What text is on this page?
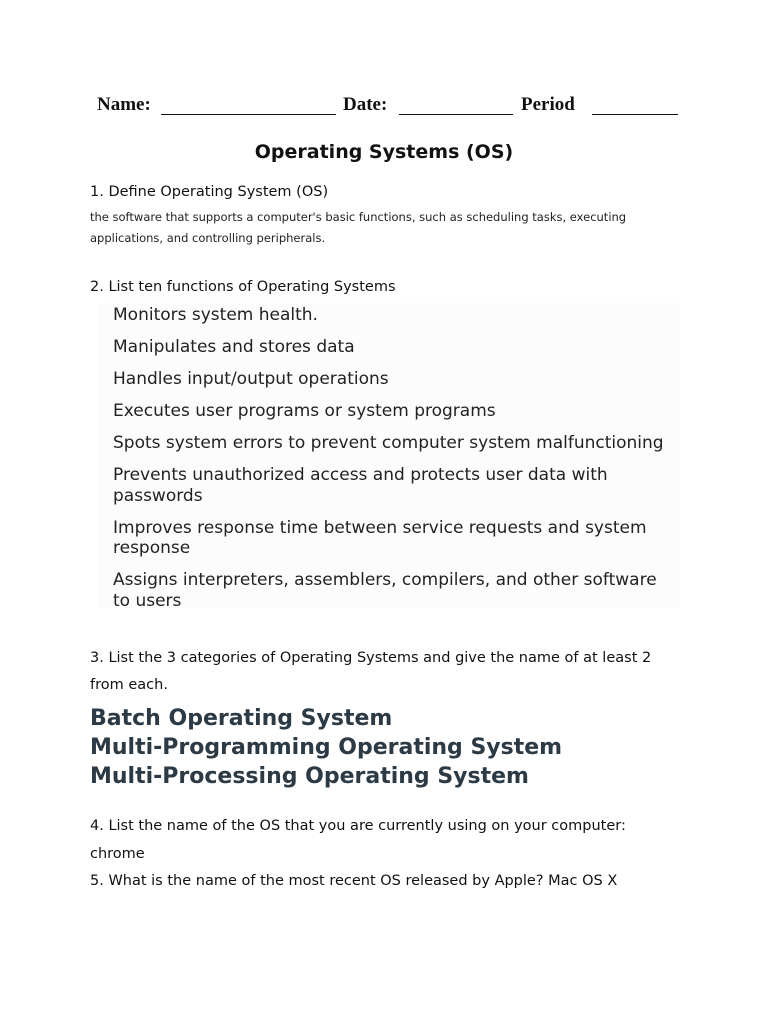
Name:	Date:	Period
Operating Systems (OS)
1. Define Operating System (OS)
the software that supports a computer's basic functions, such as scheduling tasks, executing applications, and controlling peripherals.
2. List ten functions of Operating Systems
Monitors system health.
Manipulates and stores data
Handles input/output operations
Executes user programs or system programs
Spots system errors to prevent computer system malfunctioning
Prevents unauthorized access and protects user data with passwords
Improves response time between service requests and system response
Assigns interpreters, assemblers, compilers, and other software to users
3. List the 3 categories of Operating Systems and give the name of at least 2 from each.
Batch Operating System
Multi-Programming Operating System
Multi-Processing Operating System
4. List the name of the OS that you are currently using on your computer:
chrome
5. What is the name of the most recent OS released by Apple? Mac OS X
